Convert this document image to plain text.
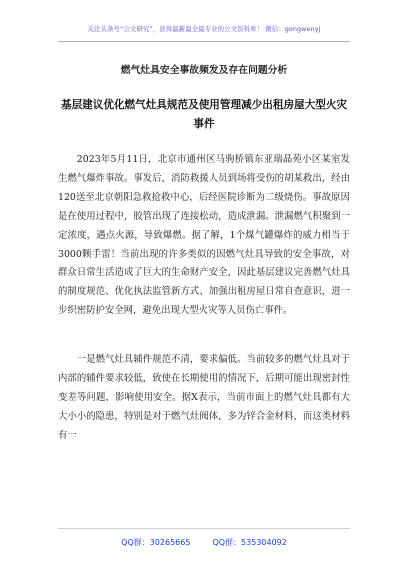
关注头条号“公文研究”，获得最新最全最专业的公文资料库！ 微信：gongwenyj
燃气灶具安全事故频发及存在问题分析
基层建议优化燃气灶具规范及使用管理减少出租房屋大型火灾事件

2023年5月11日，北京市通州区马驹桥镇东亚瑞晶苑小区某室发生燃气爆炸事故。事发后，消防救援人员到场将受伤的胡某救出，经由120送至北京朝阳急救抢救中心，后经医院诊断为二级烧伤。事故原因是在使用过程中，胶管出现了连接松动，造成泄漏。泄漏燃气积聚到一定浓度，遇点火源，导致爆燃。据了解，1个煤气罐爆炸的威力相当于3000颗手雷！当前出现的许多类似的因燃气灶具导致的安全事故，对群众日常生活造成了巨大的生命财产安全，因此基层建议完善燃气灶具的制度规范、优化执法监管新方式、加强出租房屋日常自查意识，进一步织密防护安全网，避免出现大型火灾等人员伤亡事件。

一是燃气灶具辅件规范不清，要求偏低。当前较多的燃气灶具对于内部的辅件要求较低，致使在长期使用的情况下，后期可能出现密封性变差等问题，影响使用安全。据X表示，当前市面上的燃气灶具都有大大小小的隐患，特别是对于燃气灶阀体，多为锌合金材料，而这类材料有一

QQ群：30265665	QQ群：535304092
